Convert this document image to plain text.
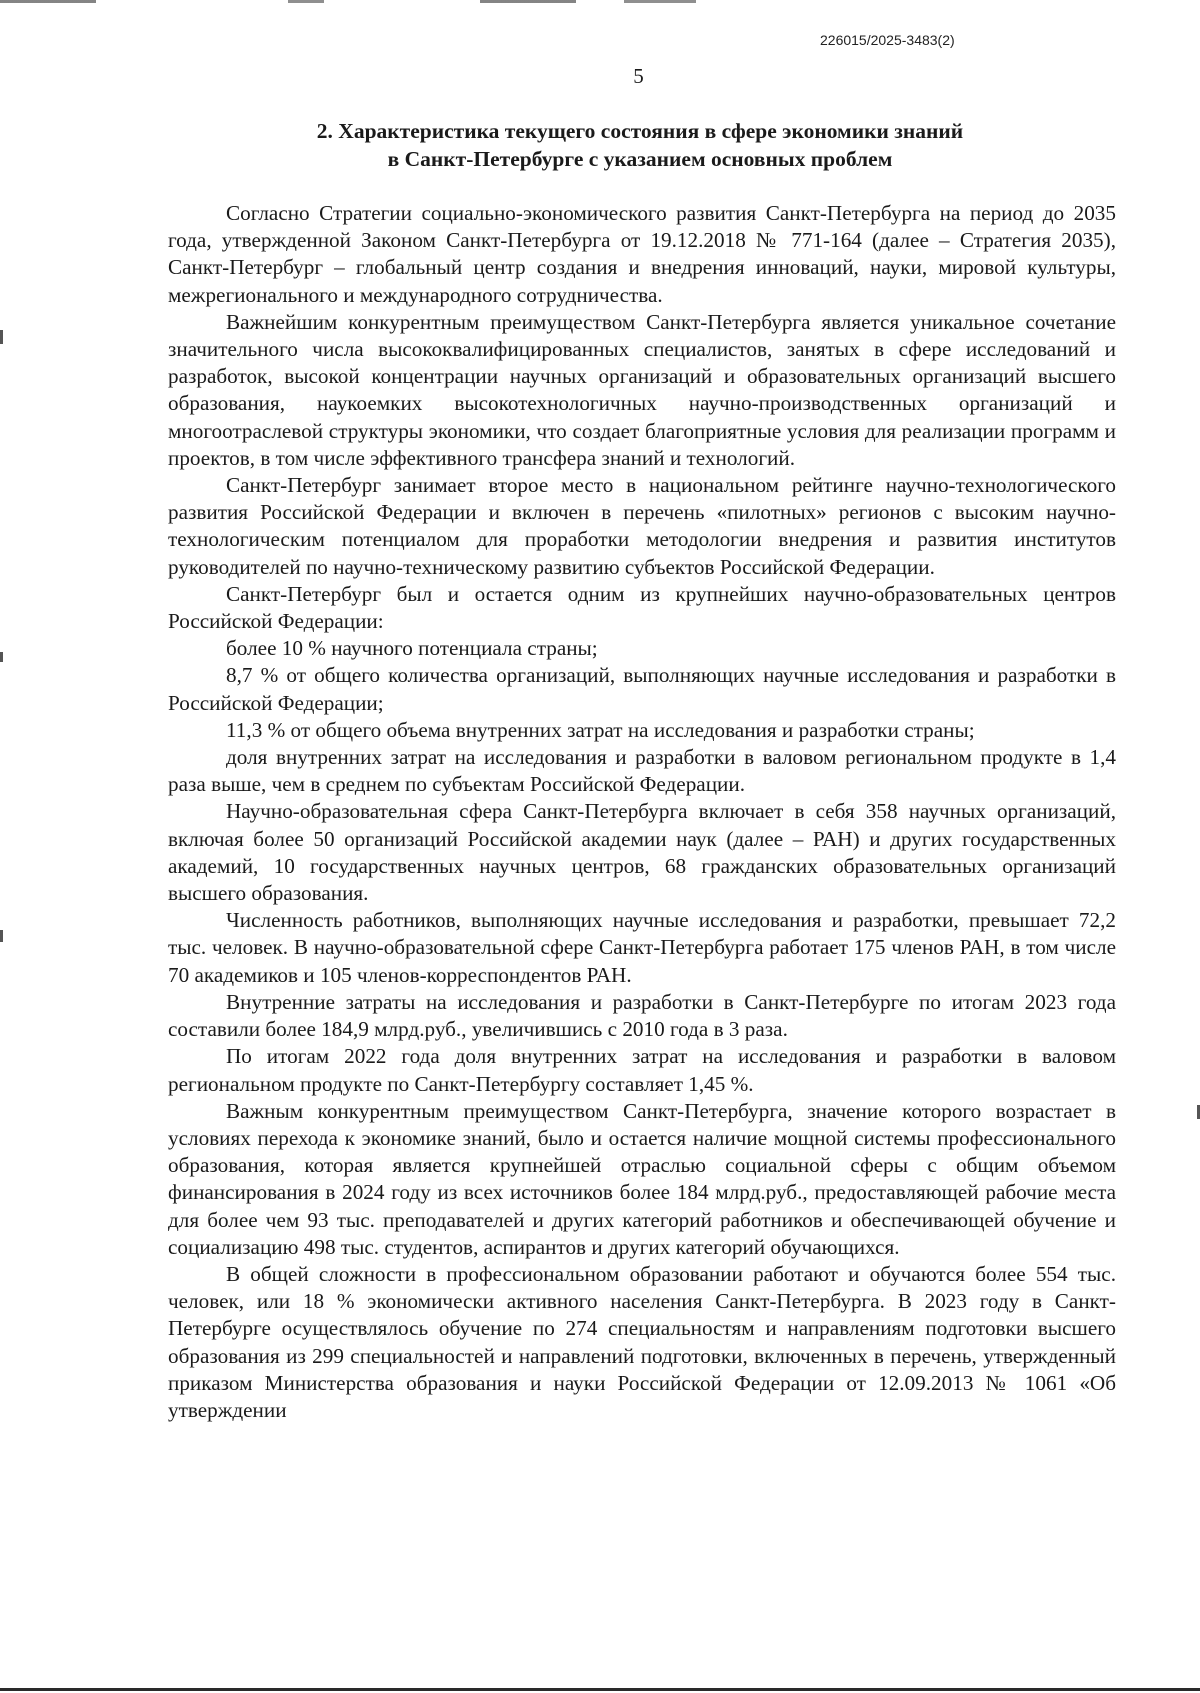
226015/2025-3483(2)
5
2. Характеристика текущего состояния в сфере экономики знаний
в Санкт-Петербурге с указанием основных проблем

Согласно Стратегии социально-экономического развития Санкт-Петербурга на период до 2035 года, утвержденной Законом Санкт-Петербурга от 19.12.2018 № 771-164 (далее – Стратегия 2035), Санкт-Петербург – глобальный центр создания и внедрения инноваций, науки, мировой культуры, межрегионального и международного сотрудничества.

Важнейшим конкурентным преимуществом Санкт-Петербурга является уникальное сочетание значительного числа высококвалифицированных специалистов, занятых в сфере исследований и разработок, высокой концентрации научных организаций и образовательных организаций высшего образования, наукоемких высокотехнологичных научно-производственных организаций и многоотраслевой структуры экономики, что создает благоприятные условия для реализации программ и проектов, в том числе эффективного трансфера знаний и технологий.

Санкт-Петербург занимает второе место в национальном рейтинге научно-технологического развития Российской Федерации и включен в перечень «пилотных» регионов с высоким научно-технологическим потенциалом для проработки методологии внедрения и развития институтов руководителей по научно-техническому развитию субъектов Российской Федерации.

Санкт-Петербург был и остается одним из крупнейших научно-образовательных центров Российской Федерации:

более 10 % научного потенциала страны;

8,7 % от общего количества организаций, выполняющих научные исследования и разработки в Российской Федерации;

11,3 % от общего объема внутренних затрат на исследования и разработки страны;

доля внутренних затрат на исследования и разработки в валовом региональном продукте в 1,4 раза выше, чем в среднем по субъектам Российской Федерации.

Научно-образовательная сфера Санкт-Петербурга включает в себя 358 научных организаций, включая более 50 организаций Российской академии наук (далее – РАН) и других государственных академий, 10 государственных научных центров, 68 гражданских образовательных организаций высшего образования.

Численность работников, выполняющих научные исследования и разработки, превышает 72,2 тыс. человек. В научно-образовательной сфере Санкт-Петербурга работает 175 членов РАН, в том числе 70 академиков и 105 членов-корреспондентов РАН.

Внутренние затраты на исследования и разработки в Санкт-Петербурге по итогам 2023 года составили более 184,9 млрд.руб., увеличившись с 2010 года в 3 раза.

По итогам 2022 года доля внутренних затрат на исследования и разработки в валовом региональном продукте по Санкт-Петербургу составляет 1,45 %.

Важным конкурентным преимуществом Санкт-Петербурга, значение которого возрастает в условиях перехода к экономике знаний, было и остается наличие мощной системы профессионального образования, которая является крупнейшей отраслью социальной сферы с общим объемом финансирования в 2024 году из всех источников более 184 млрд.руб., предоставляющей рабочие места для более чем 93 тыс. преподавателей и других категорий работников и обеспечивающей обучение и социализацию 498 тыс. студентов, аспирантов и других категорий обучающихся.

В общей сложности в профессиональном образовании работают и обучаются более 554 тыс. человек, или 18 % экономически активного населения Санкт-Петербурга. В 2023 году в Санкт-Петербурге осуществлялось обучение по 274 специальностям и направлениям подготовки высшего образования из 299 специальностей и направлений подготовки, включенных в перечень, утвержденный приказом Министерства образования и науки Российской Федерации от 12.09.2013 № 1061 «Об утверждении
